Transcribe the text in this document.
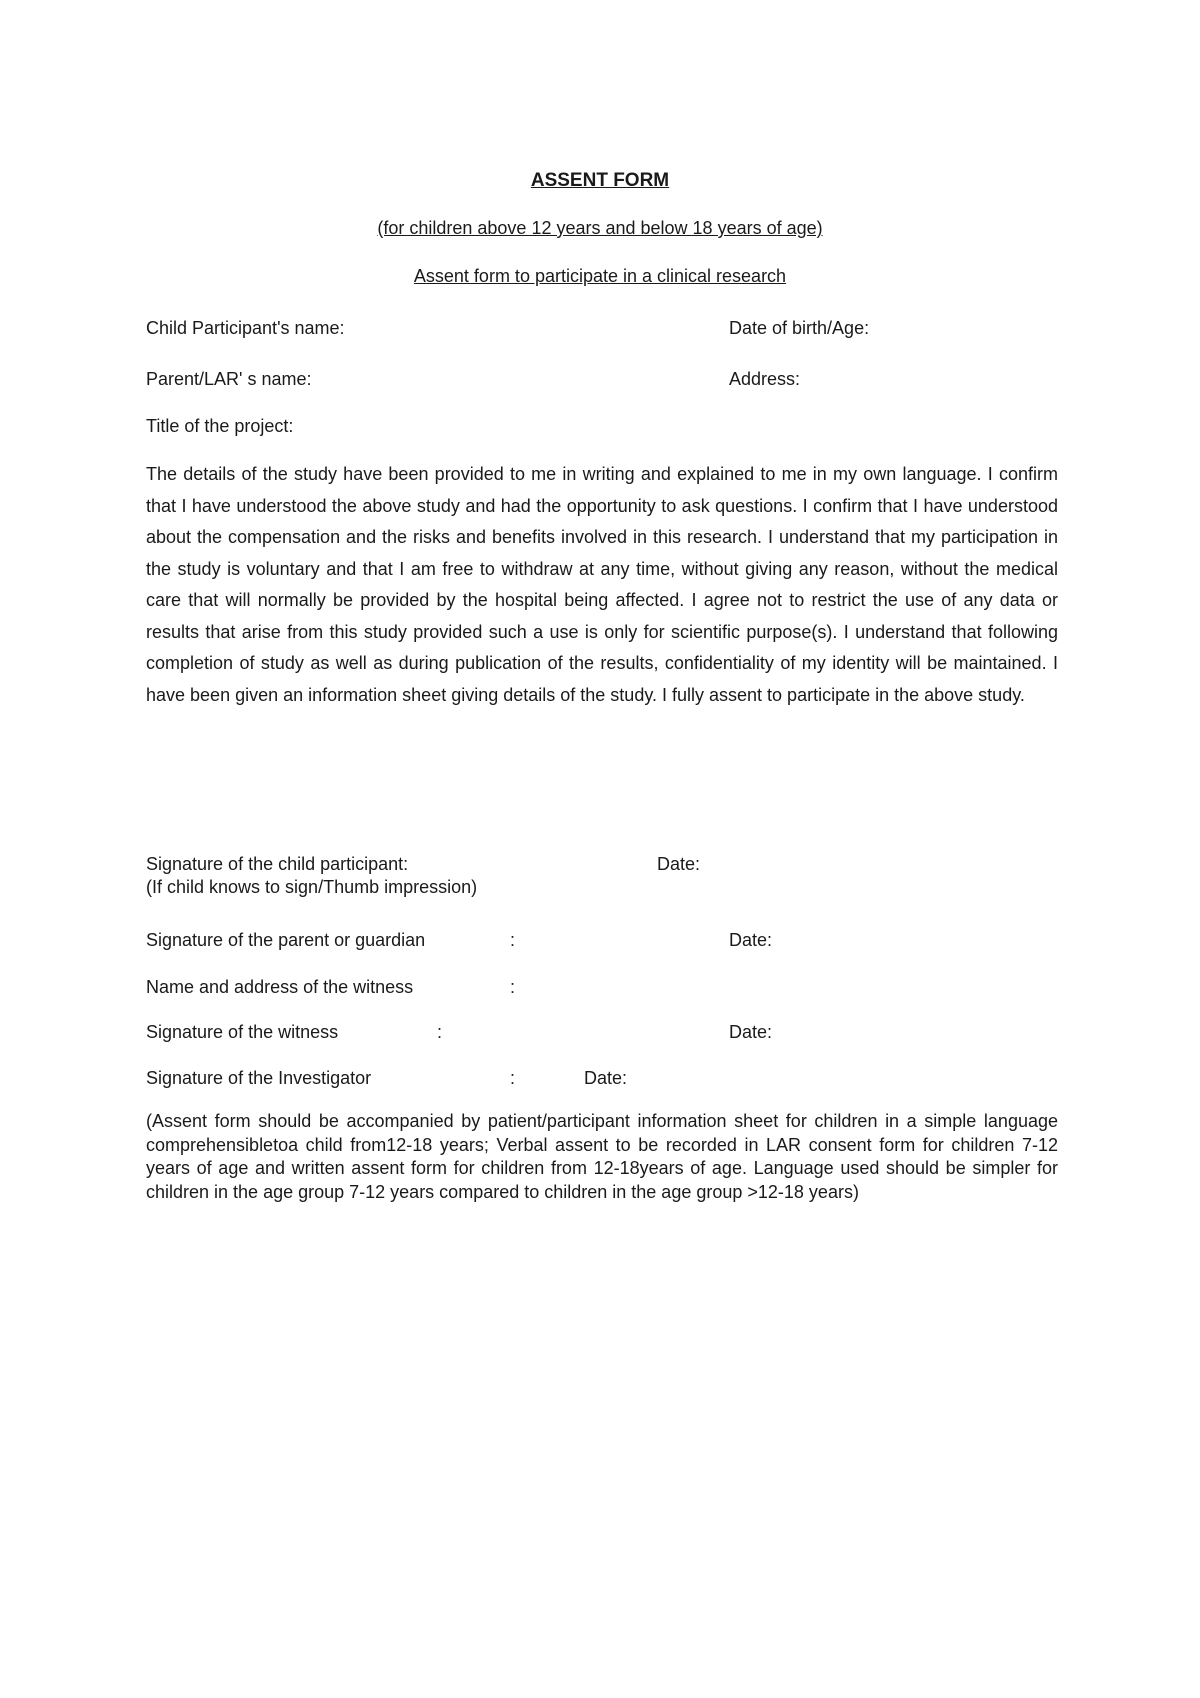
ASSENT FORM
(for children above 12 years and below 18 years of age)
Assent form to participate in a clinical research
Child Participant's name:	Date of birth/Age:
Parent/LAR' s name:	Address:
Title of the project:
The details of the study have been provided to me in writing and explained to me in my own language. I confirm that I have understood the above study and had the opportunity to ask questions. I confirm that I have understood about the compensation and the risks and benefits involved in this research. I understand that my participation in the study is voluntary and that I am free to withdraw at any time, without giving any reason, without the medical care that will normally be provided by the hospital being affected. I agree not to restrict the use of any data or results that arise from this study provided such a use is only for scientific purpose(s). I understand that following completion of study as well as during publication of the results, confidentiality of my identity will be maintained. I have been given an information sheet giving details of the study. I fully assent to participate in the above study.
Signature of the child participant:	Date:
(If child knows to sign/Thumb impression)
Signature of the parent or guardian	:	Date:
Name and address of the witness	:
Signature of the witness	:	Date:
Signature of the Investigator	:	Date:
(Assent form should be accompanied by patient/participant information sheet for children in a simple language comprehensibletoa child from12-18 years; Verbal assent to be recorded in LAR consent form for children 7-12 years of age and written assent form for children from 12-18years of age. Language used should be simpler for children in the age group 7-12 years compared to children in the age group >12-18 years)
